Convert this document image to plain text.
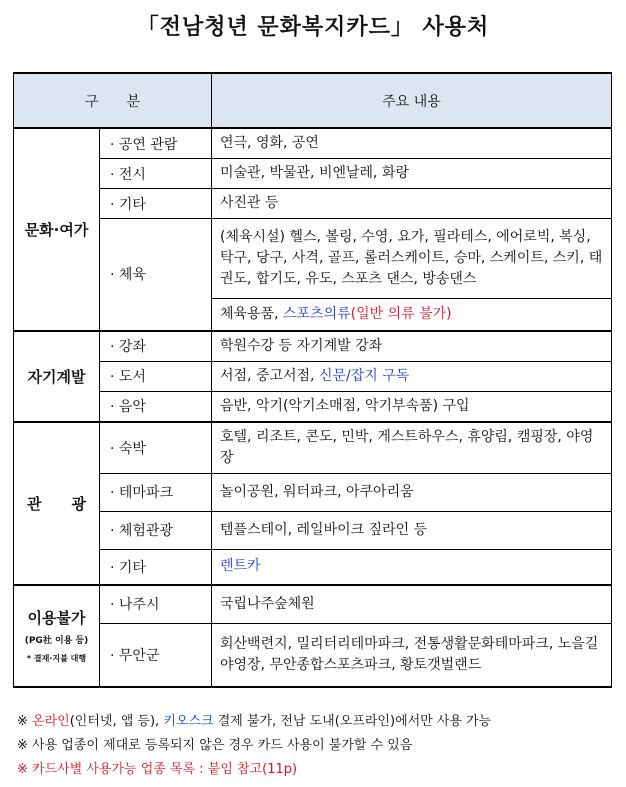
「전남청년 문화복지카드」 사용처
구　　분		주요 내용
문화·여가	· 공연 관람	연극, 영화, 공연
	· 전시	미술관, 박물관, 비엔날레, 화랑
	· 기타	사진관 등
	· 체육	(체육시설) 헬스, 볼링, 수영, 요가, 필라테스, 에어로빅, 복싱, 탁구, 당구, 사격, 골프, 롤러스케이트, 승마, 스케이트, 스키, 태권도, 합기도, 유도, 스포츠 댄스, 방송댄스
		체육용품, 스포츠의류(일반 의류 불가)
자기계발	· 강좌	학원수강 등 자기계발 강좌
	· 도서	서점, 중고서점, 신문/잡지 구독
	· 음악	음반, 악기(악기소매점, 악기부속품) 구입
관　　광	· 숙박	호텔, 리조트, 콘도, 민박, 게스트하우스, 휴양림, 캠핑장, 야영장
	· 테마파크	놀이공원, 워터파크, 아쿠아리움
	· 체험관광	템플스테이, 레일바이크 짚라인 등
	· 기타	렌트카

이용불가
(PG社 이용 등)
* 결재·지불 대행	· 나주시	국립나주숲체원
	· 무안군	회산백련지, 밀리터리테마파크, 전통생활문화테마파크, 노을길야영장, 무안종합스포츠파크, 황토갯벌랜드
※ 온라인(인터넷, 앱 등), 키오스크 결제 불가, 전남 도내(오프라인)에서만 사용 가능
※ 사용 업종이 제대로 등록되지 않은 경우 카드 사용이 불가할 수 있음
※ 카드사별 사용가능 업종 목록 : 붙임 참고(11p)
